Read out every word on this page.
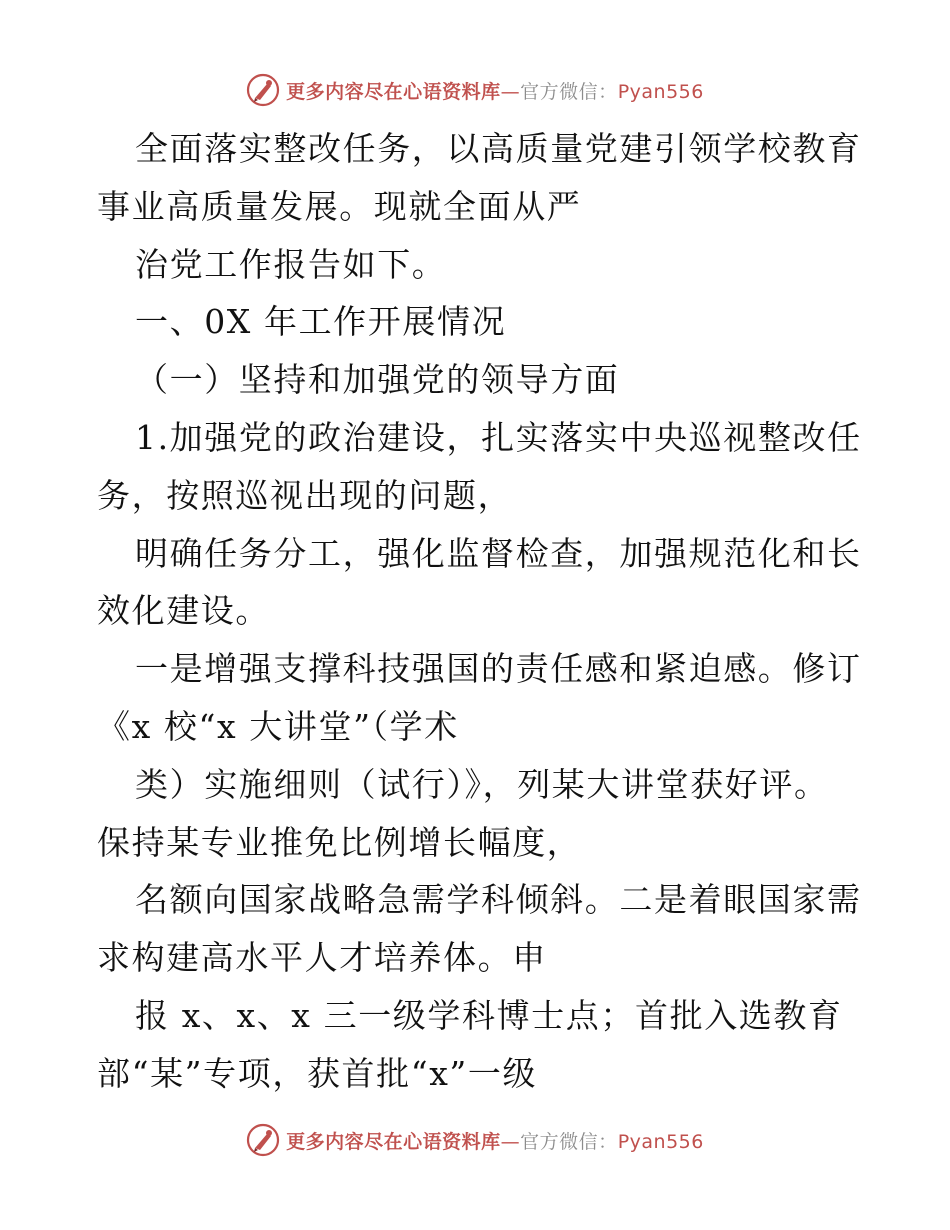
更多内容尽在心语资料库—官方微信：Pyan556
全面落实整改任务，以高质量党建引领学校教育
事业高质量发展。现就全面从严
治党工作报告如下。
一、0X 年工作开展情况
（一）坚持和加强党的领导方面
1.加强党的政治建设，扎实落实中央巡视整改任
务，按照巡视出现的问题，
明确任务分工，强化监督检查，加强规范化和长
效化建设。
一是增强支撑科技强国的责任感和紧迫感。修订
《x 校“x 大讲堂”（学术
类）实施细则（试行）》，列某大讲堂获好评。
保持某专业推免比例增长幅度，
名额向国家战略急需学科倾斜。二是着眼国家需
求构建高水平人才培养体。申
报 x、x、x 三一级学科博士点；首批入选教育
部“某”专项，获首批“x”一级
更多内容尽在心语资料库—官方微信：Pyan556
